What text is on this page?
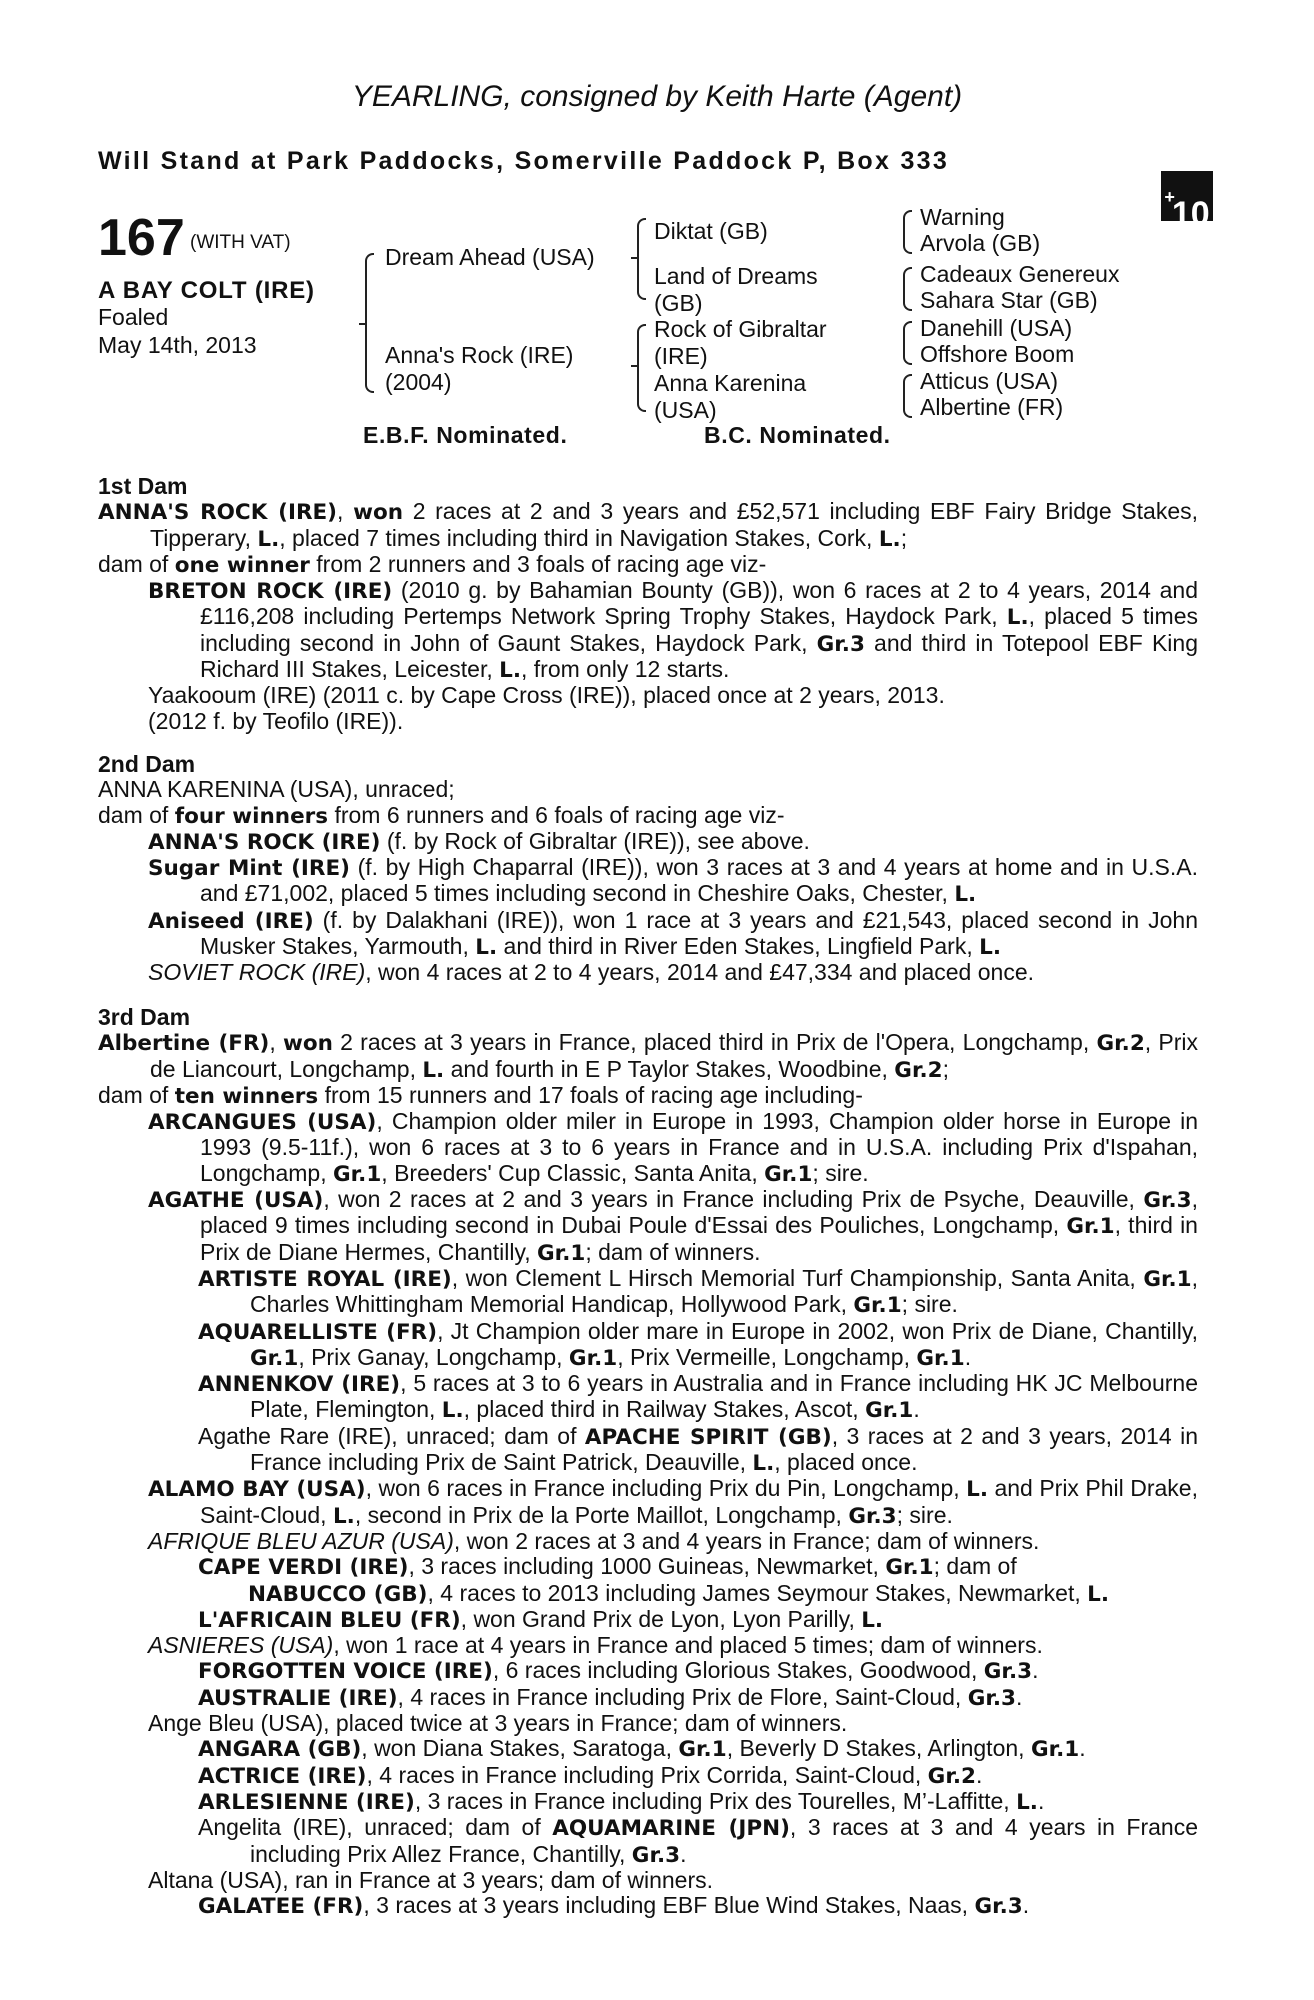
YEARLING, consigned by Keith Harte (Agent)
Will Stand at Park Paddocks, Somerville Paddock P, Box 333
+10
167 (WITH VAT)
A BAY COLT (IRE)
Foaled
May 14th, 2013
Dream Ahead (USA)
Anna's Rock (IRE)
(2004)
Diktat (GB)
Land of Dreams
(GB)
Rock of Gibraltar
(IRE)
Anna Karenina
(USA)
Warning
Arvola (GB)
Cadeaux Genereux
Sahara Star (GB)
Danehill (USA)
Offshore Boom
Atticus (USA)
Albertine (FR)
E.B.F. Nominated.	B.C. Nominated.

1st Dam

ANNA'S ROCK (IRE), won 2 races at 2 and 3 years and £52,571 including EBF Fairy Bridge Stakes, Tipperary, L., placed 7 times including third in Navigation Stakes, Cork, L.;

dam of one winner from 2 runners and 3 foals of racing age viz-

BRETON ROCK (IRE) (2010 g. by Bahamian Bounty (GB)), won 6 races at 2 to 4 years, 2014 and £116,208 including Pertemps Network Spring Trophy Stakes, Haydock Park, L., placed 5 times including second in John of Gaunt Stakes, Haydock Park, Gr.3 and third in Totepool EBF King Richard III Stakes, Leicester, L., from only 12 starts.

Yaakooum (IRE) (2011 c. by Cape Cross (IRE)), placed once at 2 years, 2013.

(2012 f. by Teofilo (IRE)).

2nd Dam

ANNA KARENINA (USA), unraced;

dam of four winners from 6 runners and 6 foals of racing age viz-

ANNA'S ROCK (IRE) (f. by Rock of Gibraltar (IRE)), see above.

Sugar Mint (IRE) (f. by High Chaparral (IRE)), won 3 races at 3 and 4 years at home and in U.S.A. and £71,002, placed 5 times including second in Cheshire Oaks, Chester, L.

Aniseed (IRE) (f. by Dalakhani (IRE)), won 1 race at 3 years and £21,543, placed second in John Musker Stakes, Yarmouth, L. and third in River Eden Stakes, Lingfield Park, L.

SOVIET ROCK (IRE), won 4 races at 2 to 4 years, 2014 and £47,334 and placed once.

3rd Dam

Albertine (FR), won 2 races at 3 years in France, placed third in Prix de l'Opera, Longchamp, Gr.2, Prix de Liancourt, Longchamp, L. and fourth in E P Taylor Stakes, Woodbine, Gr.2;

dam of ten winners from 15 runners and 17 foals of racing age including-

ARCANGUES (USA), Champion older miler in Europe in 1993, Champion older horse in Europe in 1993 (9.5-11f.), won 6 races at 3 to 6 years in France and in U.S.A. including Prix d'Ispahan, Longchamp, Gr.1, Breeders' Cup Classic, Santa Anita, Gr.1; sire.

AGATHE (USA), won 2 races at 2 and 3 years in France including Prix de Psyche, Deauville, Gr.3, placed 9 times including second in Dubai Poule d'Essai des Pouliches, Longchamp, Gr.1, third in Prix de Diane Hermes, Chantilly, Gr.1; dam of winners.

ARTISTE ROYAL (IRE), won Clement L Hirsch Memorial Turf Championship, Santa Anita, Gr.1, Charles Whittingham Memorial Handicap, Hollywood Park, Gr.1; sire.

AQUARELLISTE (FR), Jt Champion older mare in Europe in 2002, won Prix de Diane, Chantilly, Gr.1, Prix Ganay, Longchamp, Gr.1, Prix Vermeille, Longchamp, Gr.1.

ANNENKOV (IRE), 5 races at 3 to 6 years in Australia and in France including HK JC Melbourne Plate, Flemington, L., placed third in Railway Stakes, Ascot, Gr.1.

Agathe Rare (IRE), unraced; dam of APACHE SPIRIT (GB), 3 races at 2 and 3 years, 2014 in France including Prix de Saint Patrick, Deauville, L., placed once.

ALAMO BAY (USA), won 6 races in France including Prix du Pin, Longchamp, L. and Prix Phil Drake, Saint-Cloud, L., second in Prix de la Porte Maillot, Longchamp, Gr.3; sire.

AFRIQUE BLEU AZUR (USA), won 2 races at 3 and 4 years in France; dam of winners.

CAPE VERDI (IRE), 3 races including 1000 Guineas, Newmarket, Gr.1; dam of

NABUCCO (GB), 4 races to 2013 including James Seymour Stakes, Newmarket, L.

L'AFRICAIN BLEU (FR), won Grand Prix de Lyon, Lyon Parilly, L.

ASNIERES (USA), won 1 race at 4 years in France and placed 5 times; dam of winners.

FORGOTTEN VOICE (IRE), 6 races including Glorious Stakes, Goodwood, Gr.3.

AUSTRALIE (IRE), 4 races in France including Prix de Flore, Saint-Cloud, Gr.3.

Ange Bleu (USA), placed twice at 3 years in France; dam of winners.

ANGARA (GB), won Diana Stakes, Saratoga, Gr.1, Beverly D Stakes, Arlington, Gr.1.

ACTRICE (IRE), 4 races in France including Prix Corrida, Saint-Cloud, Gr.2.

ARLESIENNE (IRE), 3 races in France including Prix des Tourelles, M’-Laffitte, L..

Angelita (IRE), unraced; dam of AQUAMARINE (JPN), 3 races at 3 and 4 years in France including Prix Allez France, Chantilly, Gr.3.

Altana (USA), ran in France at 3 years; dam of winners.

GALATEE (FR), 3 races at 3 years including EBF Blue Wind Stakes, Naas, Gr.3.
